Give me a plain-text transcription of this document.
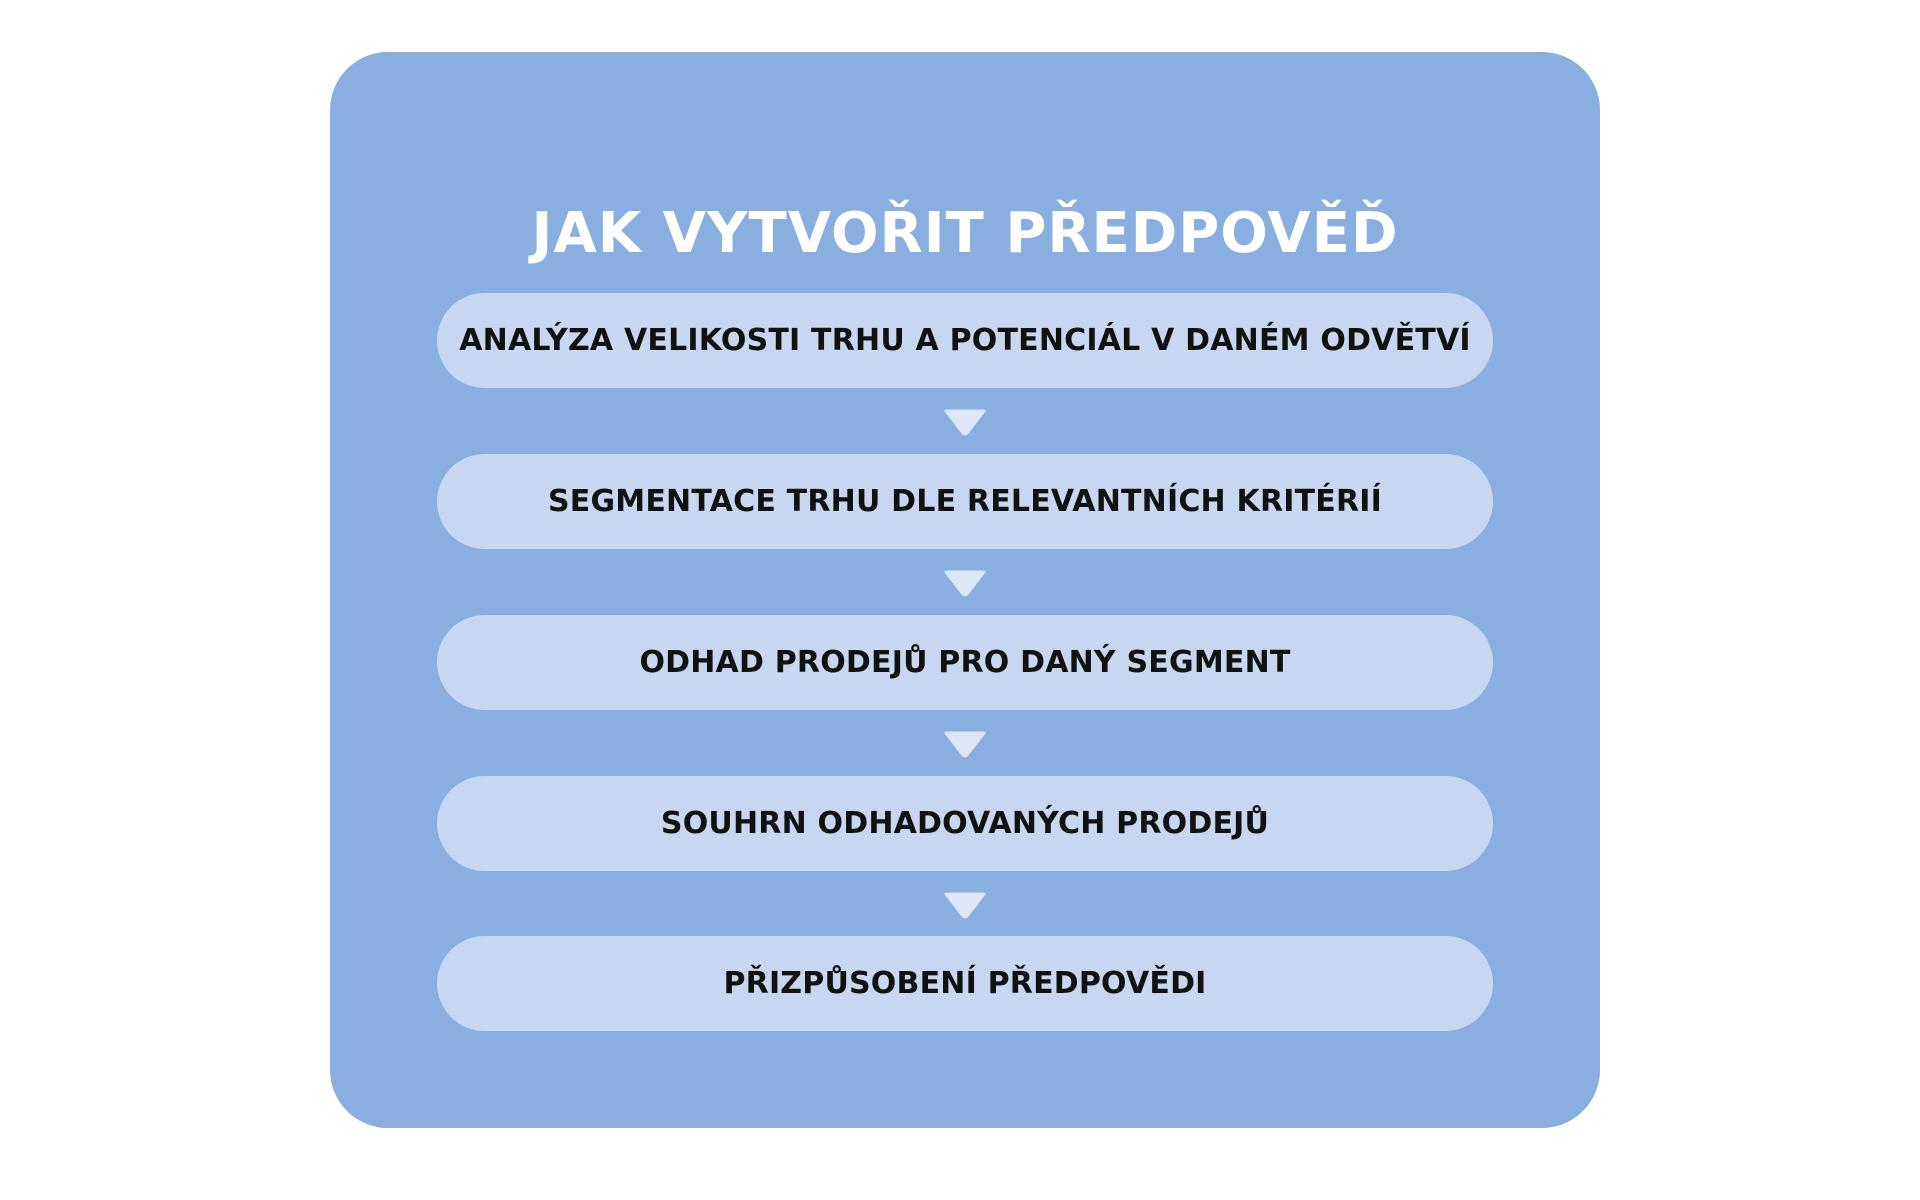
JAK VYTVOŘIT PŘEDPOVĚĎ
ANALÝZA VELIKOSTI TRHU A POTENCIÁL V DANÉM ODVĚTVÍ
SEGMENTACE TRHU DLE RELEVANTNÍCH KRITÉRIÍ
ODHAD PRODEJŮ PRO DANÝ SEGMENT
SOUHRN ODHADOVANÝCH PRODEJŮ
PŘIZPŮSOBENÍ PŘEDPOVĚDI
